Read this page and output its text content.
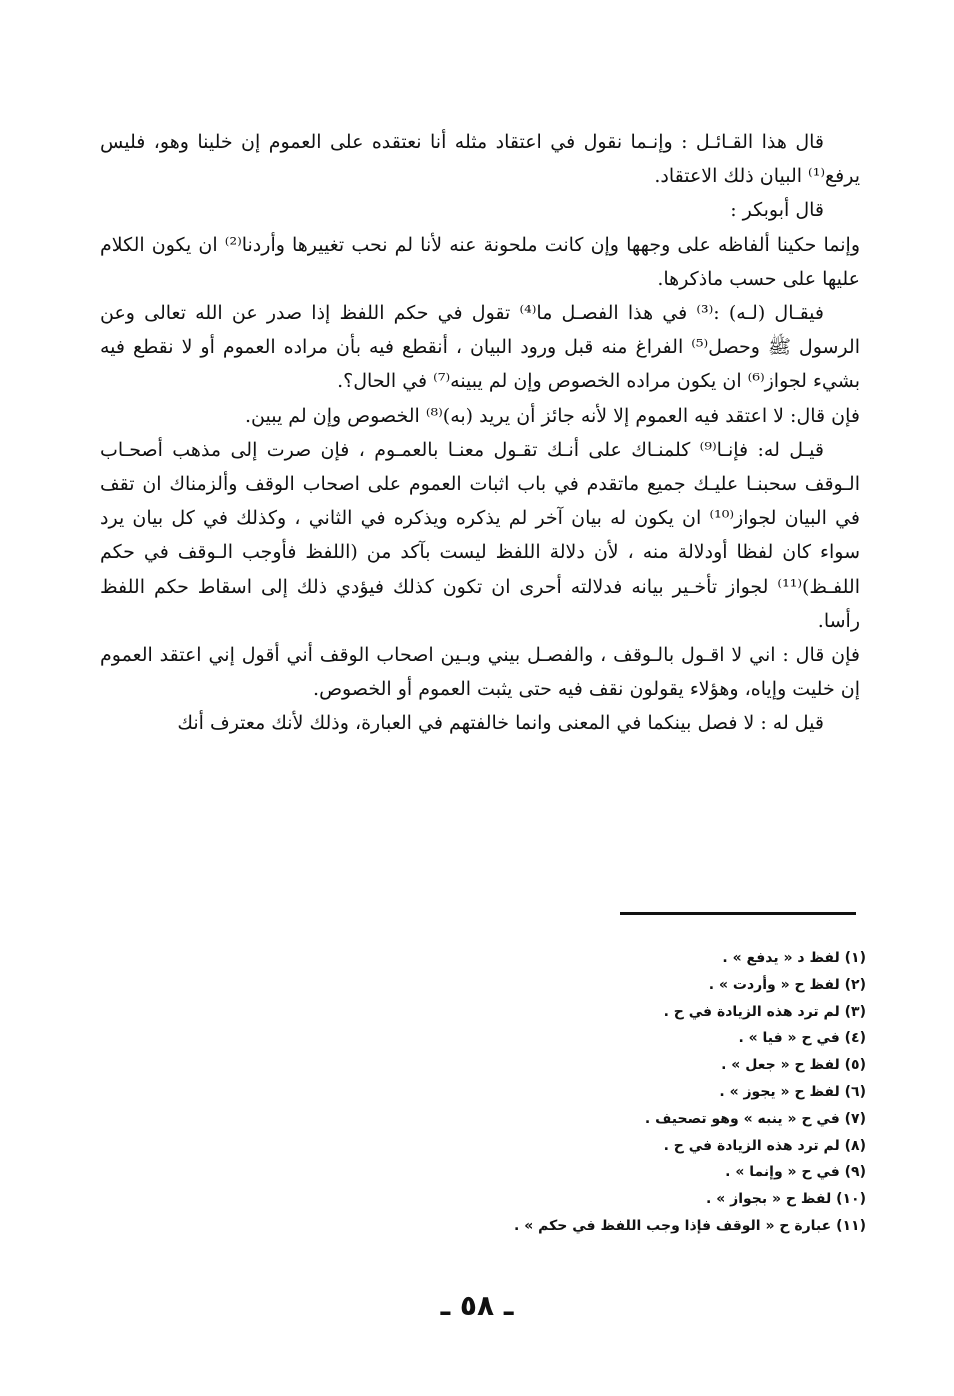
قال هذا القـائـل : وإنـما نقول في اعتقاد مثله أنا نعتقده على العموم إن خلينا وهو، فليس يرفع⁽¹⁾ البيان ذلك الاعتقاد.

قال أبوبكر :

وإنما حكينا ألفاظه على وجهها وإن كانت ملحونة عنه لأنا لم نحب تغييرها وأردنا⁽²⁾ ان يكون الكلام عليها على حسب ماذكرها.

فيقـال (لـه) :⁽³⁾ في هذا الفصـل ما⁽⁴⁾ تقول في حكم اللفظ إذا صدر عن الله تعالى وعن الرسول ﷺ وحصل⁽⁵⁾ الفراغ منه قبل ورود البيان ، أنقطع فيه بأن مراده العموم أو لا نقطع فيه بشيء لجواز⁽⁶⁾ ان يكون مراده الخصوص وإن لم يبينه⁽⁷⁾ في الحال؟.

فإن قال: لا اعتقد فيه العموم إلا لأنه جائز أن يريد (به)⁽⁸⁾ الخصوص وإن لم يبين.

قيـل له: فإنـا⁽⁹⁾ كلمنـاك على أنـك تقـول معنـا بالعمـوم ، فإن صرت إلى مذهب أصحـاب الـوقف سحبنـا عليـك جميع ماتقدم في باب اثبات العموم على اصحاب الوقف وألزمناك ان تقف في البيان لجواز⁽¹⁰⁾ ان يكون له بيان آخر لم يذكره ويذكره في الثاني ، وكذلك في كل بيان يرد سواء كان لفظا أودلالة منه ، لأن دلالة اللفظ ليست بآكد من (اللفظ فأوجب الـوقف في حكم اللفـظ)⁽¹¹⁾ لجواز تأخـير بيانه فدلالته أحرى ان تكون كذلك فيؤدي ذلك إلى اسقاط حكم اللفظ رأسا.

فإن قال : اني لا اقـول بالـوقف ، والفصـل بيني وبـين اصحاب الوقف أني أقول إني اعتقد العموم إن خليت وإياه، وهؤلاء يقولون نقف فيه حتى يثبت العموم أو الخصوص.

قيل له : لا فصل بينكما في المعنى وانما خالفتهم في العبارة، وذلك لأنك معترف أنك

(١) لفظ د « يدفع » .

(٢) لفظ ح « وأردت » .

(٣) لم ترد هذه الزيادة في ح .

(٤) في ح « فيا » .

(٥) لفظ ح « جعل » .

(٦) لفظ ح « يجوز » .

(٧) في ح « ينبه » وهو تصحيف .

(٨) لم ترد هذه الزيادة في ح .

(٩) في ح « وإنما » .

(١٠) لفظ ح « بجواز » .

(١١) عبارة ح « الوقف فإذا وجب اللفظ في حكم » .

ـ ٥٨ ـ
